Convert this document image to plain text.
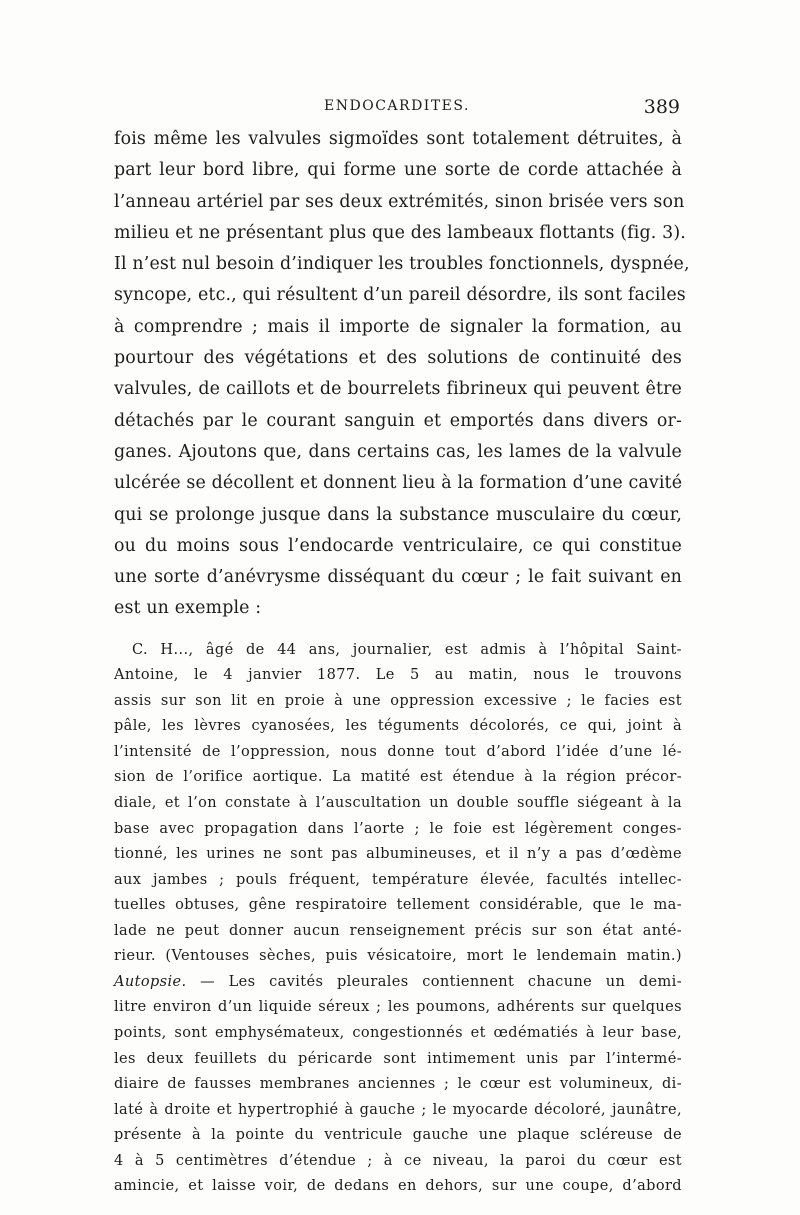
ENDOCARDITES.	389
fois même les valvules sigmoïdes sont totalement détruites, à
part leur bord libre, qui forme une sorte de corde attachée à
l’anneau artériel par ses deux extrémités, sinon brisée vers son
milieu et ne présentant plus que des lambeaux flottants (fig. 3).
Il n’est nul besoin d’indiquer les troubles fonctionnels, dyspnée,
syncope, etc., qui résultent d’un pareil désordre, ils sont faciles
à comprendre ; mais il importe de signaler la formation, au
pourtour des végétations et des solutions de continuité des
valvules, de caillots et de bourrelets fibrineux qui peuvent être
détachés par le courant sanguin et emportés dans divers or-
ganes. Ajoutons que, dans certains cas, les lames de la valvule
ulcérée se décollent et donnent lieu à la formation d’une cavité
qui se prolonge jusque dans la substance musculaire du cœur,
ou du moins sous l’endocarde ventriculaire, ce qui constitue
une sorte d’anévrysme disséquant du cœur ; le fait suivant en
est un exemple :
C. H..., âgé de 44 ans, journalier, est admis à l’hôpital Saint-
Antoine, le 4 janvier 1877. Le 5 au matin, nous le trouvons
assis sur son lit en proie à une oppression excessive ; le facies est
pâle, les lèvres cyanosées, les téguments décolorés, ce qui, joint à
l’intensité de l’oppression, nous donne tout d’abord l’idée d’une lé-
sion de l’orifice aortique. La matité est étendue à la région précor-
diale, et l’on constate à l’auscultation un double souffle siégeant à la
base avec propagation dans l’aorte ; le foie est légèrement conges-
tionné, les urines ne sont pas albumineuses, et il n’y a pas d’œdème
aux jambes ; pouls fréquent, température élevée, facultés intellec-
tuelles obtuses, gêne respiratoire tellement considérable, que le ma-
lade ne peut donner aucun renseignement précis sur son état anté-
rieur. (Ventouses sèches, puis vésicatoire, mort le lendemain matin.)
Autopsie. — Les cavités pleurales contiennent chacune un demi-
litre environ d’un liquide séreux ; les poumons, adhérents sur quelques
points, sont emphysémateux, congestionnés et œdématiés à leur base,
les deux feuillets du péricarde sont intimement unis par l’intermé-
diaire de fausses membranes anciennes ; le cœur est volumineux, di-
laté à droite et hypertrophié à gauche ; le myocarde décoloré, jaunâtre,
présente à la pointe du ventricule gauche une plaque scléreuse de
4 à 5 centimètres d’étendue ; à ce niveau, la paroi du cœur est
amincie, et laisse voir, de dedans en dehors, sur une coupe, d’abord
